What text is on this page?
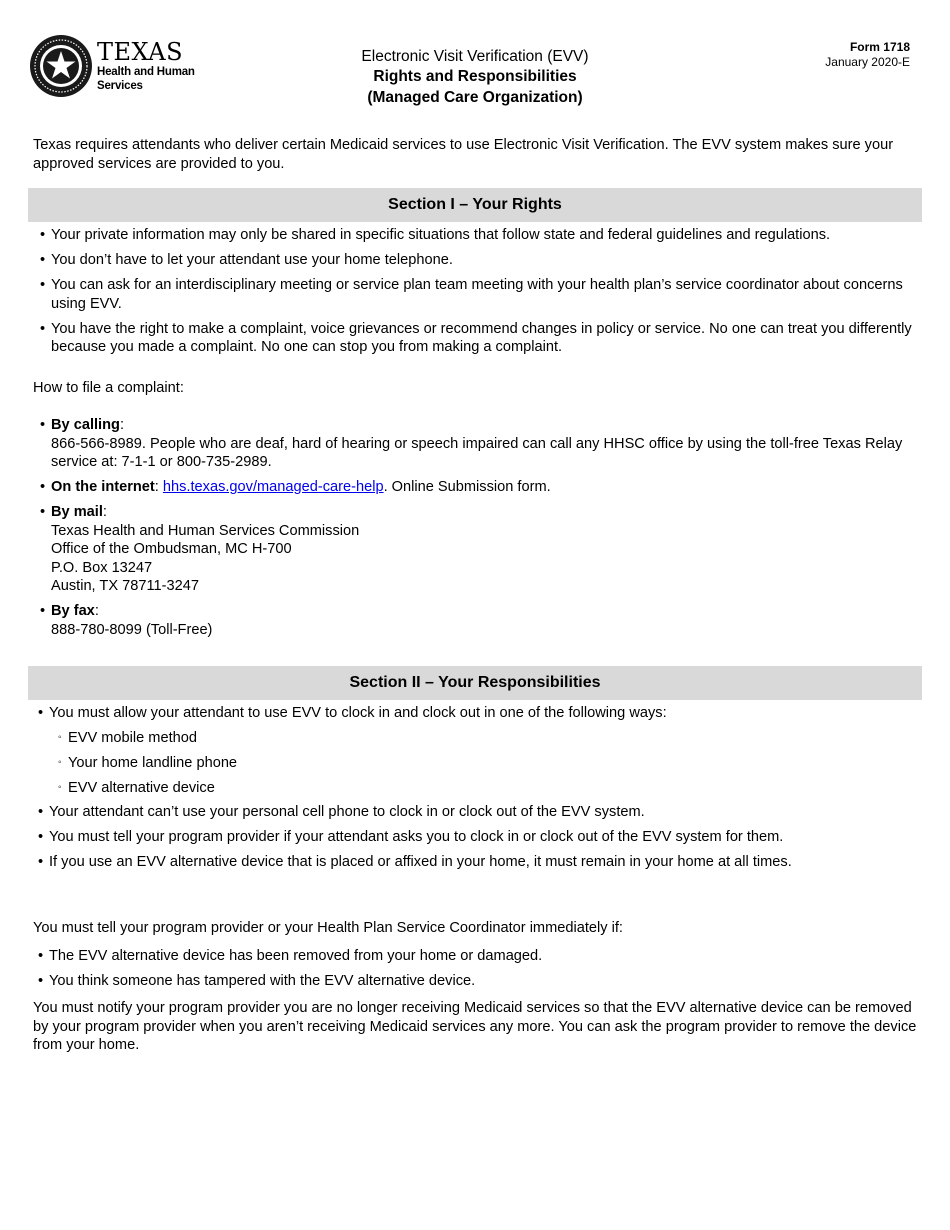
TEXAS
Health and Human
Services
Electronic Visit Verification (EVV)
Rights and Responsibilities
(Managed Care Organization)
Form 1718
January 2020-E
Texas requires attendants who deliver certain Medicaid services to use Electronic Visit Verification. The EVV system makes sure your approved services are provided to you.
Section I – Your Rights
• Your private information may only be shared in specific situations that follow state and federal guidelines and regulations.
• You don’t have to let your attendant use your home telephone.
• You can ask for an interdisciplinary meeting or service plan team meeting with your health plan’s service coordinator about concerns using EVV.
• You have the right to make a complaint, voice grievances or recommend changes in policy or service. No one can treat you differently because you made a complaint. No one can stop you from making a complaint.
How to file a complaint:
• By calling:
866-566-8989. People who are deaf, hard of hearing or speech impaired can call any HHSC office by using the toll-free Texas Relay service at: 7-1-1 or 800-735-2989.
• On the internet: hhs.texas.gov/managed-care-help. Online Submission form.
• By mail:
Texas Health and Human Services Commission
Office of the Ombudsman, MC H-700
P.O. Box 13247
Austin, TX 78711-3247
• By fax:
888-780-8099 (Toll-Free)
Section II – Your Responsibilities
• You must allow your attendant to use EVV to clock in and clock out in one of the following ways:
◦ EVV mobile method
◦ Your home landline phone
◦ EVV alternative device
• Your attendant can’t use your personal cell phone to clock in or clock out of the EVV system.
• You must tell your program provider if your attendant asks you to clock in or clock out of the EVV system for them.
• If you use an EVV alternative device that is placed or affixed in your home, it must remain in your home at all times.
You must tell your program provider or your Health Plan Service Coordinator immediately if:
• The EVV alternative device has been removed from your home or damaged.
• You think someone has tampered with the EVV alternative device.
You must notify your program provider you are no longer receiving Medicaid services so that the EVV alternative device can be removed by your program provider when you aren’t receiving Medicaid services any more. You can ask the program provider to remove the device from your home.
